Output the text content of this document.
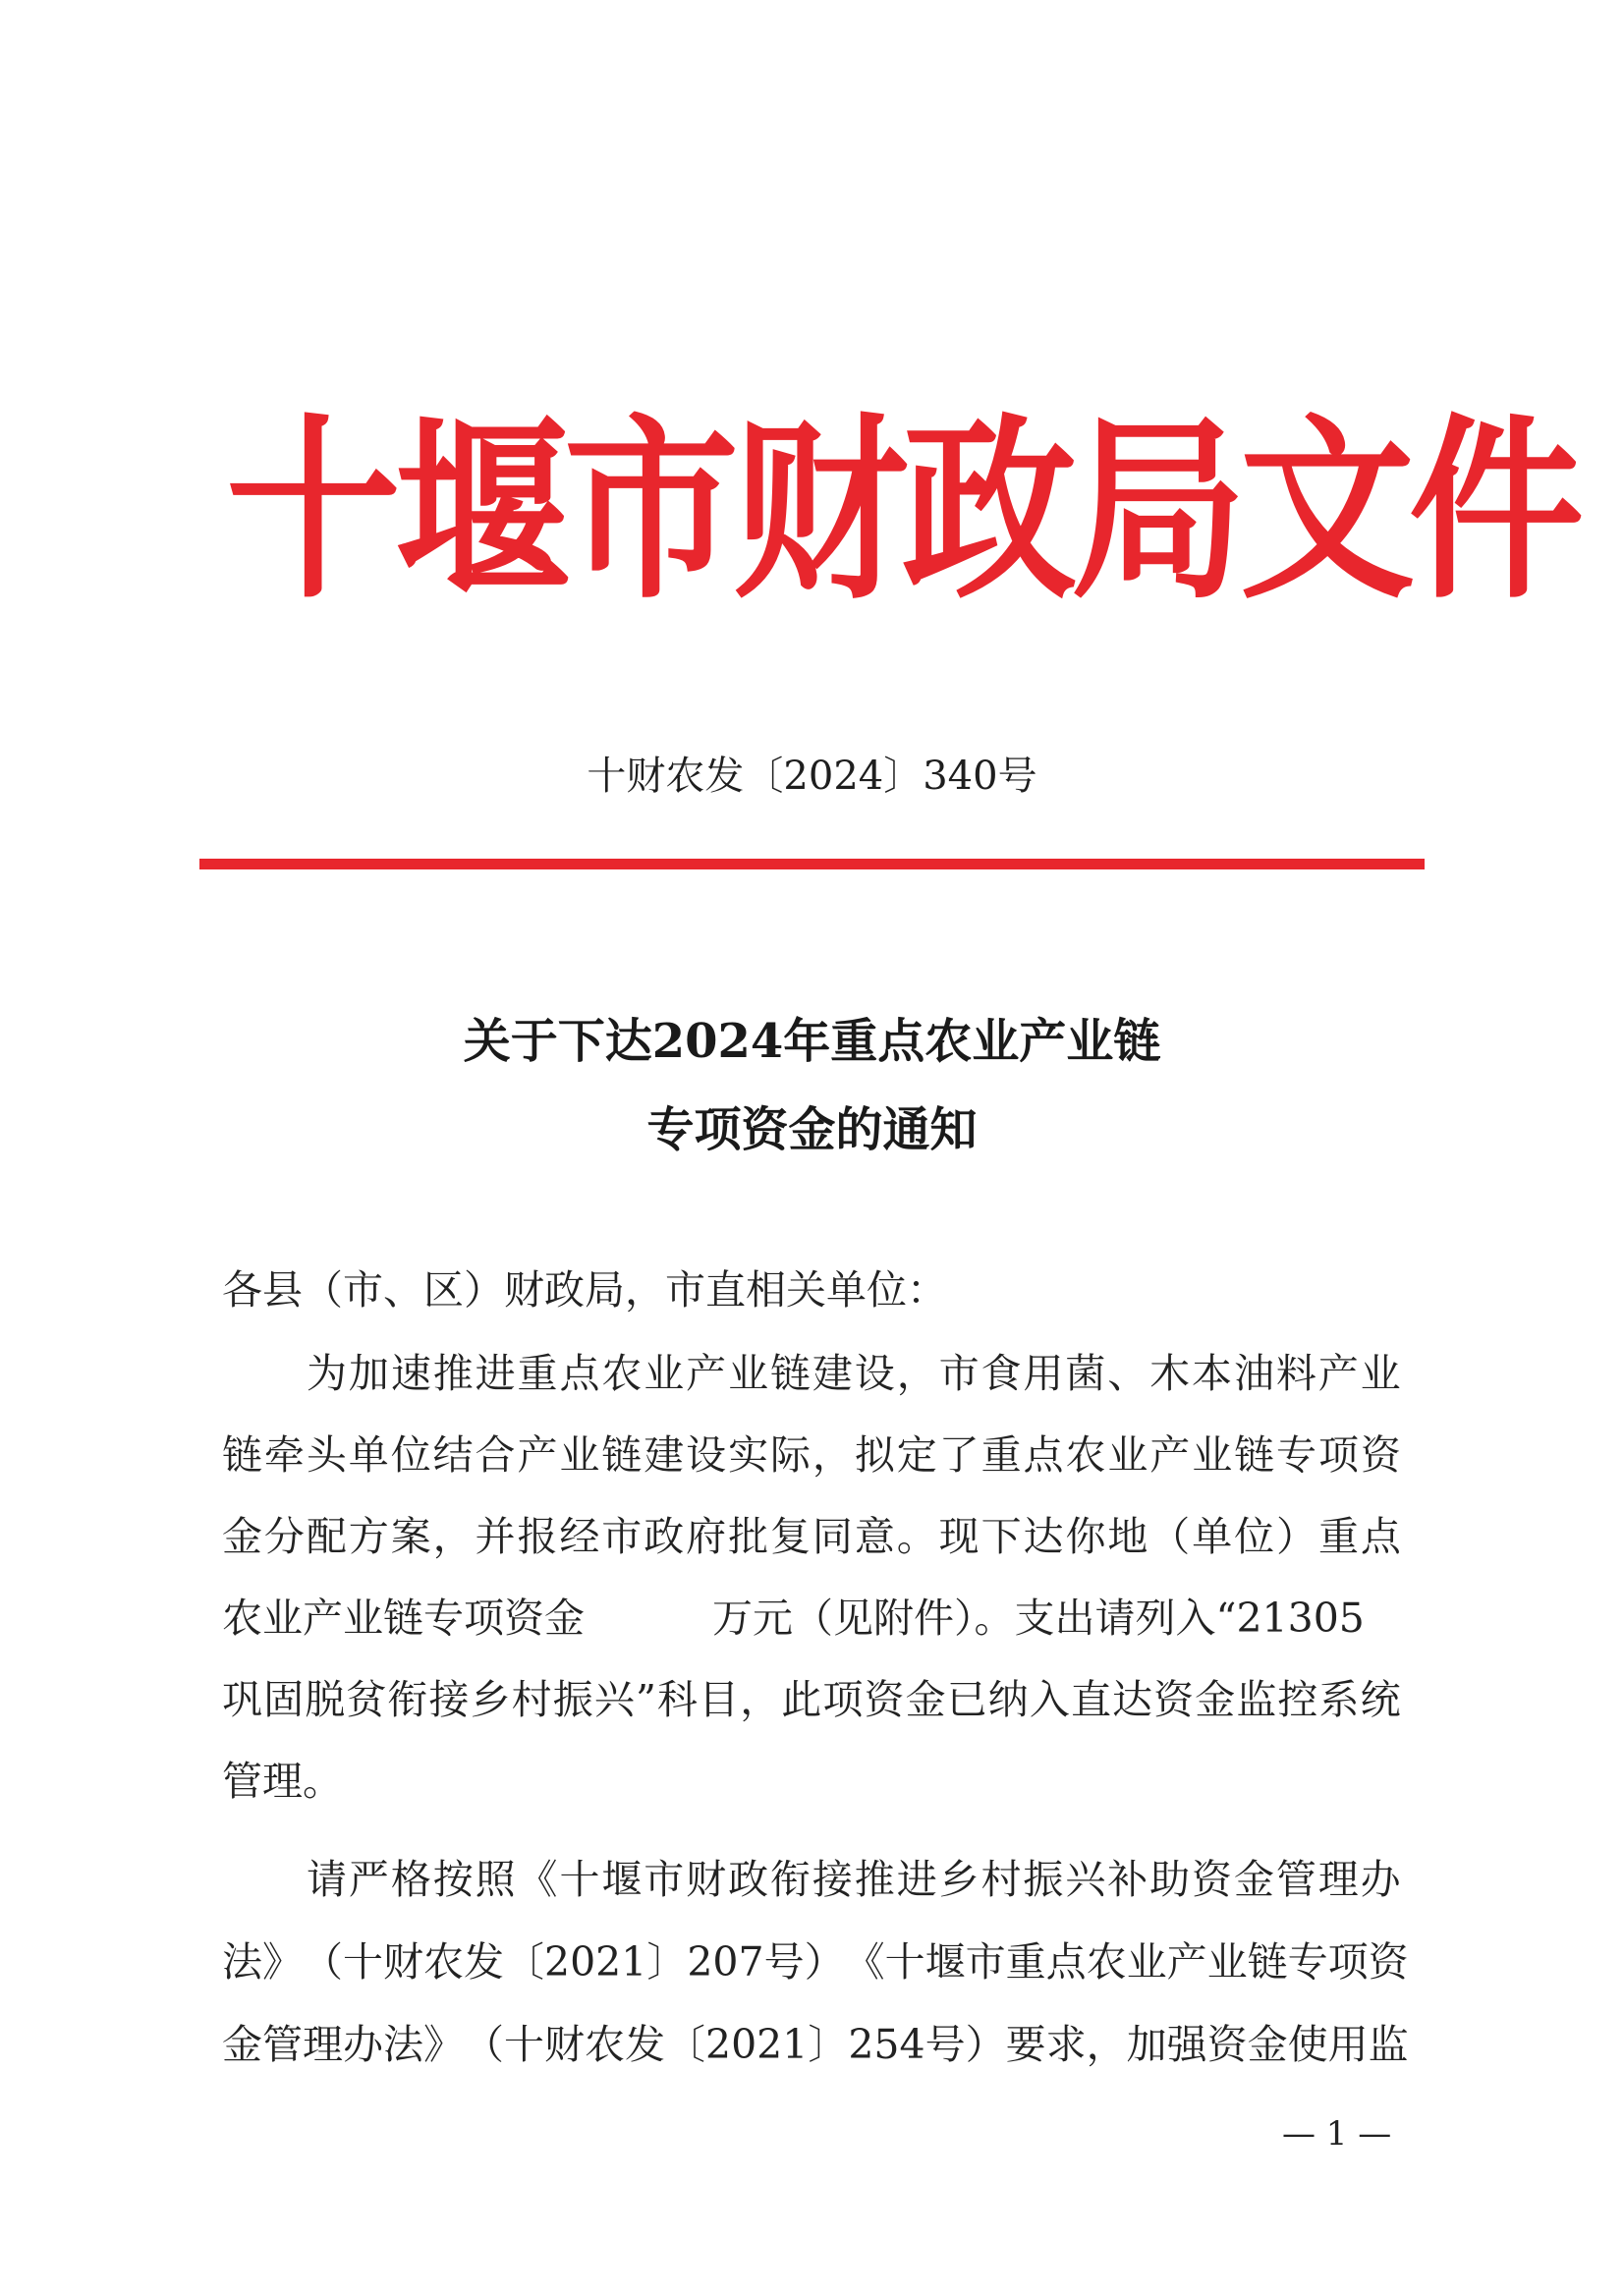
十堰市财政局文件
十财农发〔2024〕340号
关于下达2024年重点农业产业链
专项资金的通知
各县（市、区）财政局，市直相关单位：
为 加 速 推 进 重 点 农 业 产 业 链 建 设 ， 市 食 用 菌 、 木 本 油 料 产 业
链 牵 头 单 位 结 合 产 业 链 建 设 实 际 ， 拟 定 了 重 点 农 业 产 业 链 专 项 资
金 分 配 方 案 ， 并 报 经 市 政 府 批 复 同 意 。 现 下 达 你 地 （ 单 位 ） 重 点
农业产业链专项资金	万元（见附件）。支出请列入“21305
巩 固 脱 贫 衔 接 乡 村 振 兴 ” 科 目 ， 此 项 资 金 已 纳 入 直 达 资 金 监 控 系 统
管理。
请 严 格 按 照 《 十 堰 市 财 政 衔 接 推 进 乡 村 振 兴 补 助 资 金 管 理 办
法 》 （ 十 财 农 发 〔 2021 〕 207 号 ） 《 十 堰 市 重 点 农 业 产 业 链 专 项 资
金 管 理 办 法 》 （ 十 财 农 发 〔 2021 〕 254 号 ） 要 求 ， 加 强 资 金 使 用 监
— 1 —
